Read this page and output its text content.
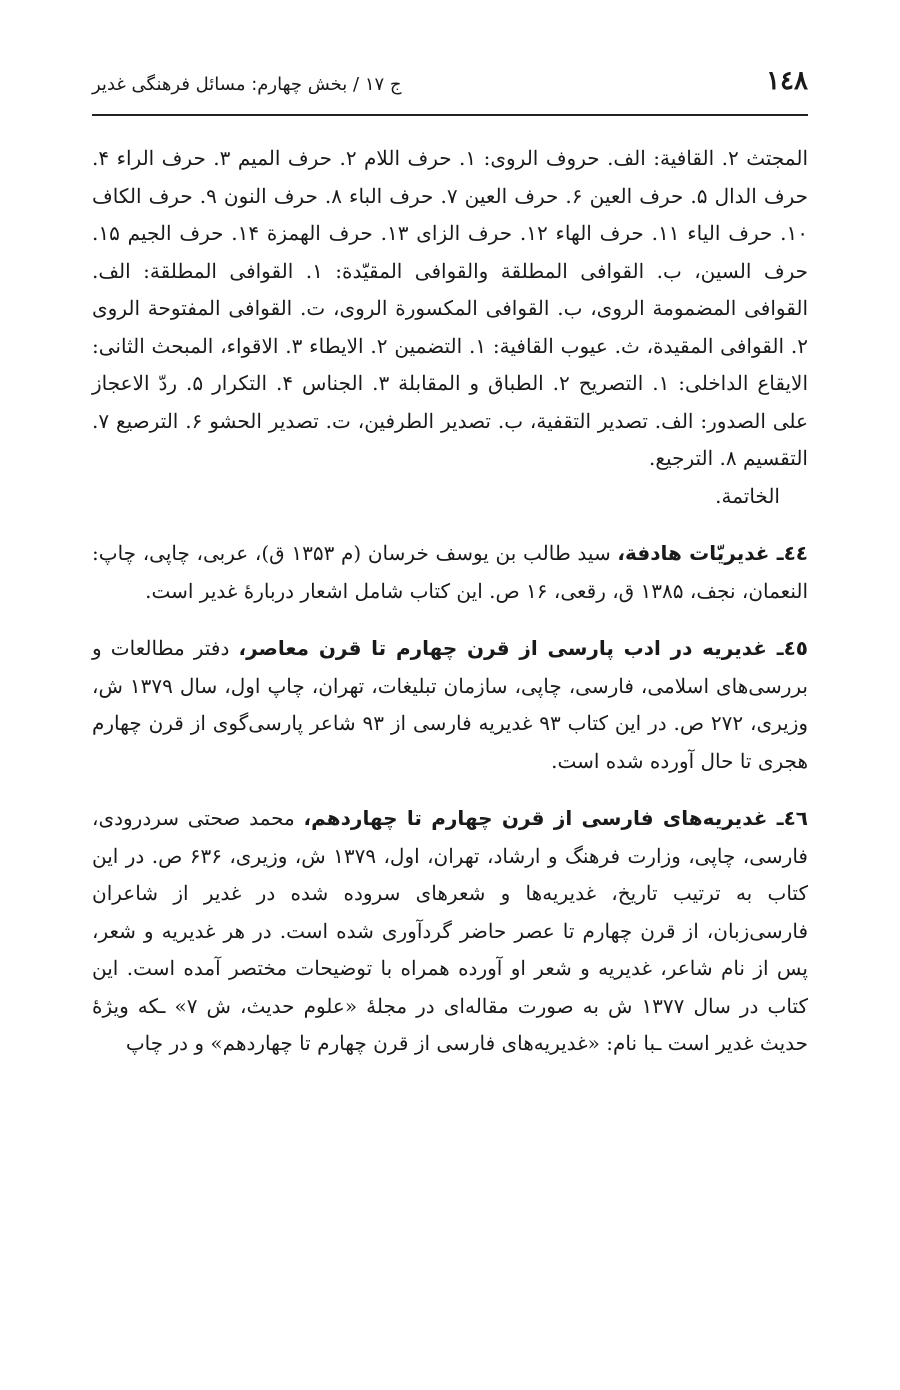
١٤٨
ج ۱۷ / بخش چهارم: مسائل فرهنگی غدیر

المجتث ۲. القافية: الف. حروف الروی: ۱. حرف اللام ۲. حرف المیم ۳. حرف الراء ۴. حرف الدال ۵. حرف العین ۶. حرف العین ۷. حرف الباء ۸. حرف النون ۹. حرف الکاف ۱۰. حرف الیاء ۱۱. حرف الهاء ۱۲. حرف الزای ۱۳. حرف الهمزة ۱۴. حرف الجیم ۱۵. حرف السین، ب. القوافی المطلقة والقوافی المقیّدة: ۱. القوافی المطلقة: الف. القوافی المضمومة الروی، ب. القوافی المکسورة الروی، ت. القوافی المفتوحة الروی ۲. القوافی المقیدة، ث. عیوب القافیة: ۱. التضمین ۲. الایطاء ۳. الاقواء، المبحث الثانی: الایقاع الداخلی: ۱. التصریح ۲. الطباق و المقابلة ۳. الجناس ۴. التکرار ۵. ردّ الاعجاز علی الصدور: الف. تصدیر التقفیة، ب. تصدیر الطرفین، ت. تصدیر الحشو ۶. الترصیع ۷. التقسیم ۸. الترجیع.

الخاتمة.

٤٤ـ غدیریّات هادفة، سید طالب بن یوسف خرسان (م ۱۳۵۳ ق)، عربی، چاپی، چاپ: النعمان، نجف، ۱۳۸۵ ق، رقعی، ۱۶ ص. این کتاب شامل اشعار دربارهٔ غدیر است.

٤٥ـ غدیریه در ادب پارسی از قرن چهارم تا قرن معاصر، دفتر مطالعات و بررسی‌های اسلامی، فارسی، چاپی، سازمان تبلیغات، تهران، چاپ اول، سال ۱۳۷۹ ش، وزیری، ۲۷۲ ص. در این کتاب ۹۳ غدیریه فارسی از ۹۳ شاعر پارسی‌گوی از قرن چهارم هجری تا حال آورده شده است.

٤٦ـ غدیریه‌های فارسی از قرن چهارم تا چهاردهم، محمد صحتی سردرودی، فارسی، چاپی، وزارت فرهنگ و ارشاد، تهران، اول، ۱۳۷۹ ش، وزیری، ۶۳۶ ص. در این کتاب به ترتیب تاریخ، غدیریه‌ها و شعرهای سروده شده در غدیر از شاعران فارسی‌زبان، از قرن چهارم تا عصر حاضر گردآوری شده است. در هر غدیریه و شعر، پس از نام شاعر، غدیریه و شعر او آورده همراه با توضیحات مختصر آمده است. این کتاب در سال ۱۳۷۷ ش به صورت مقاله‌ای در مجلهٔ «علوم حدیث، ش ۷» ـکه ویژهٔ حدیث غدیر است ـبا نام: «غدیریه‌های فارسی از قرن چهارم تا چهاردهم» و در چاپ
